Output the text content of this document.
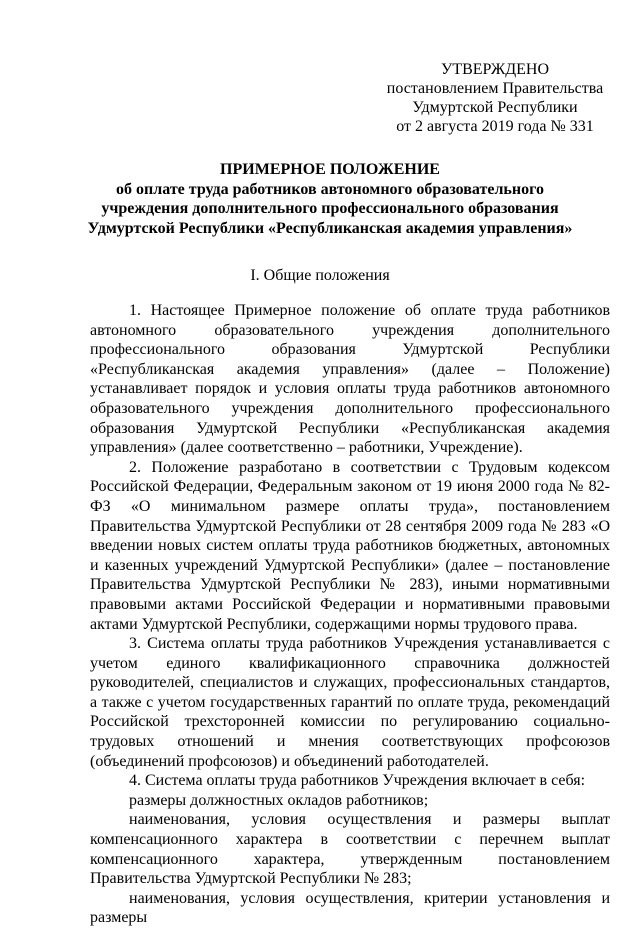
УТВЕРЖДЕНО
постановлением Правительства
Удмуртской Республики
от 2 августа 2019 года № 331
ПРИМЕРНОЕ ПОЛОЖЕНИЕ
об оплате труда работников автономного образовательного
учреждения дополнительного профессионального образования
Удмуртской Республики «Республиканская академия управления»
I. Общие положения

1. Настоящее Примерное положение об оплате труда работников автономного образовательного учреждения дополнительного профессионального образования Удмуртской Республики «Республиканская академия управления» (далее – Положение) устанавливает порядок и условия оплаты труда работников автономного образовательного учреждения дополнительного профессионального образования Удмуртской Республики «Республиканская академия управления» (далее соответственно – работники, Учреждение).

2. Положение разработано в соответствии с Трудовым кодексом Российской Федерации, Федеральным законом от 19 июня 2000 года № 82-ФЗ «О минимальном размере оплаты труда», постановлением Правительства Удмуртской Республики от 28 сентября 2009 года № 283 «О введении новых систем оплаты труда работников бюджетных, автономных и казенных учреждений Удмуртской Республики» (далее – постановление Правительства Удмуртской Республики № 283), иными нормативными правовыми актами Российской Федерации и нормативными правовыми актами Удмуртской Республики, содержащими нормы трудового права.

3. Система оплаты труда работников Учреждения устанавливается с учетом единого квалификационного справочника должностей руководителей, специалистов и служащих, профессиональных стандартов, а также с учетом государственных гарантий по оплате труда, рекомендаций Российской трехсторонней комиссии по регулированию социально-трудовых отношений и мнения соответствующих профсоюзов (объединений профсоюзов) и объединений работодателей.

4. Система оплаты труда работников Учреждения включает в себя:

размеры должностных окладов работников;

наименования, условия осуществления и размеры выплат компенсационного характера в соответствии с перечнем выплат компенсационного характера, утвержденным постановлением Правительства Удмуртской Республики № 283;

наименования, условия осуществления, критерии установления и размеры
